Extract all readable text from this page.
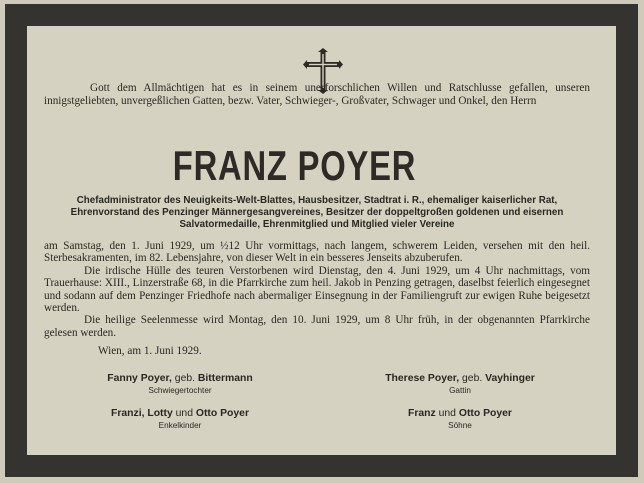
Gott dem Allmächtigen hat es in seinem unerforschlichen Willen und Ratschlusse gefallen, unseren innigstgeliebten, unvergeßlichen Gatten, bezw. Vater, Schwieger-, Großvater, Schwager und Onkel, den Herrn
FRANZ POYER
Chefadministrator des Neuigkeits-Welt-Blattes, Hausbesitzer, Stadtrat i. R., ehemaliger kaiserlicher Rat,
Ehrenvorstand des Penzinger Männergesangvereines, Besitzer der doppeltgroßen goldenen und eisernen
Salvatormedaille, Ehrenmitglied und Mitglied vieler Vereine

am Samstag, den 1. Juni 1929, um ½12 Uhr vormittags, nach langem, schwerem Leiden, versehen mit den heil. Sterbesakramenten, im 82. Lebensjahre, von dieser Welt in ein besseres Jenseits abzuberufen.

Die irdische Hülle des teuren Verstorbenen wird Dienstag, den 4. Juni 1929, um 4 Uhr nachmittags, vom Trauerhause: XIII., Linzerstraße 68, in die Pfarrkirche zum heil. Jakob in Penzing getragen, daselbst feierlich eingesegnet und sodann auf dem Penzinger Friedhofe nach abermaliger Einsegnung in der Familiengruft zur ewigen Ruhe beigesetzt werden.

Die heilige Seelenmesse wird Montag, den 10. Juni 1929, um 8 Uhr früh, in der obgenannten Pfarrkirche gelesen werden.

Wien, am 1. Juni 1929.
Fanny Poyer, geb. Bittermann
Schwiegertochter
Therese Poyer, geb. Vayhinger
Gattin
Franzi, Lotty und Otto Poyer
Enkelkinder
Franz und Otto Poyer
Söhne
